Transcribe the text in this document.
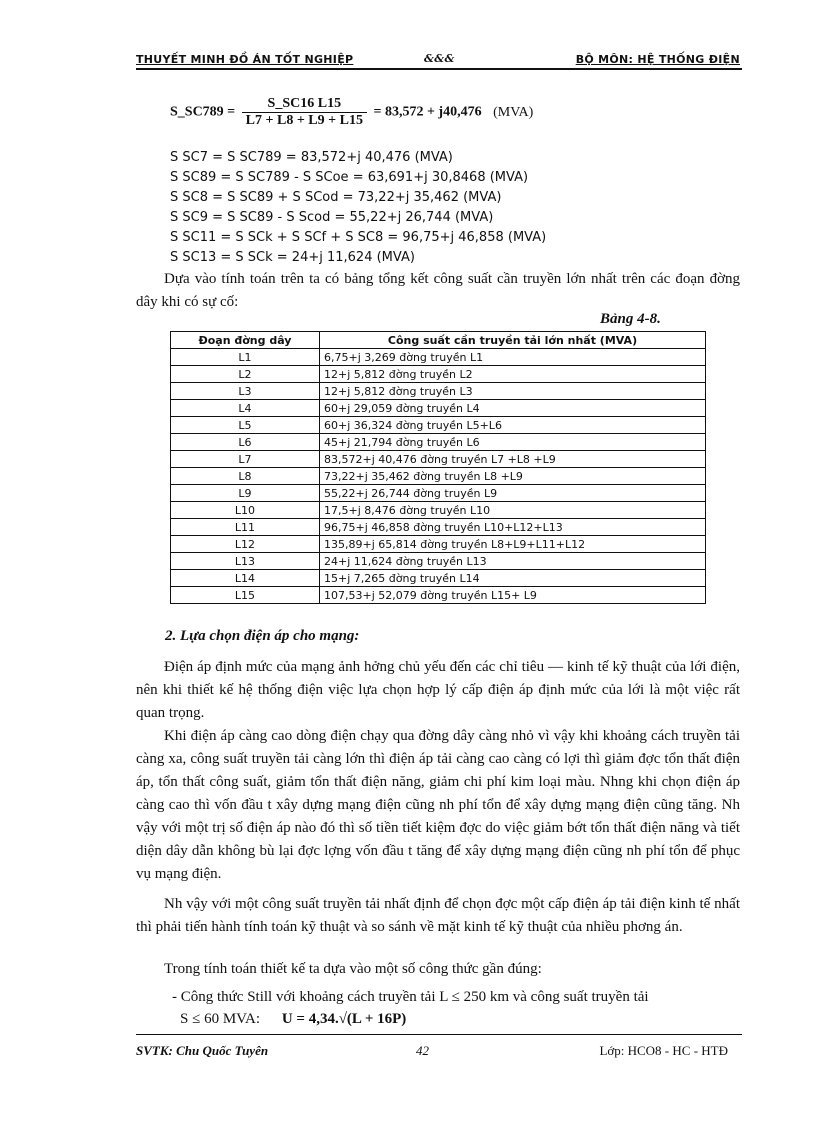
THUYẾT MINH ĐỒ ÁN TỐT NGHIỆP	&&&	BỘ MÔN: HỆ THỐNG ĐIỆN
S_SC789 = $\frac{S\_SC16 L15}{L7 + L8 + L9 + L15} = 83,572 + j40,476$ (MVA)
S SC7 = S SC789 = 83,572+j 40,476 (MVA)
S SC89 = S SC789 - S SCoe = 63,691+j 30,8468 (MVA)
S SC8 = S SC89 + S SCod = 73,22+j 35,462 (MVA)
S SC9 = S SC89 - S Scod = 55,22+j 26,744 (MVA)
S SC11 = S SCk + S SCf + S SC8 = 96,75+j 46,858 (MVA)
S SC13 = S SCk = 24+j 11,624 (MVA)
Dựa vào tính toán trên ta có bảng tổng kết công suất cần truyền lớn nhất trên các đoạn đờng dây khi có sự cố:
Bảng 4-8.
Đoạn đờng dây	Công suất cần truyền tải lớn nhất (MVA)
L1	6,75+j 3,269 đờng truyền L1
L2	12+j 5,812 đờng truyền L2
L3	12+j 5,812 đờng truyền L3
L4	60+j 29,059 đờng truyền L4
L5	60+j 36,324 đờng truyền L5+L6
L6	45+j 21,794 đờng truyền L6
L7	83,572+j 40,476 đờng truyền L7 +L8 +L9
L8	73,22+j 35,462 đờng truyền L8 +L9
L9	55,22+j 26,744 đờng truyền L9
L10	17,5+j 8,476 đờng truyền L10
L11	96,75+j 46,858 đờng truyền L10+L12+L13
L12	135,89+j 65,814 đờng truyền L8+L9+L11+L12
L13	24+j 11,624 đờng truyền L13
L14	15+j 7,265 đờng truyền L14
L15	107,53+j 52,079 đờng truyền L15+ L9
2. Lựa chọn điện áp cho mạng:
Điện áp định mức của mạng ảnh hởng chủ yếu đến các chỉ tiêu — kinh tế kỹ thuật của lới điện, nên khi thiết kế hệ thống điện việc lựa chọn hợp lý cấp điện áp định mức của lới là một việc rất quan trọng.
Khi điện áp càng cao dòng điện chạy qua đờng dây càng nhỏ vì vậy khi khoảng cách truyền tải càng xa, công suất truyền tải càng lớn thì điện áp tải càng cao càng có lợi thì giảm đợc tổn thất điện áp, tổn thất công suất, giảm tổn thất điện năng, giảm chi phí kim loại màu. Nhng khi chọn điện áp càng cao thì vốn đầu t xây dựng mạng điện cũng nh phí tổn để xây dựng mạng điện cũng tăng. Nh vậy với một trị số điện áp nào đó thì số tiền tiết kiệm đợc do việc giảm bớt tổn thất điện năng và tiết diện dây dẫn không bù lại đợc lợng vốn đầu t tăng để xây dựng mạng điện cũng nh phí tổn để phục vụ mạng điện.
Nh vậy với một công suất truyền tải nhất định để chọn đợc một cấp điện áp tải điện kinh tế nhất thì phải tiến hành tính toán kỹ thuật và so sánh về mặt kinh tế kỹ thuật của nhiều phơng án.
Trong tính toán thiết kế ta dựa vào một số công thức gần đúng:
- Công thức Still với khoảng cách truyền tải L ≤ 250 km và công suất truyền tải
S ≤ 60 MVA: U = 4,34.√(L + 16P)
SVTK: Chu Quốc Tuyên	42	Lớp: HCO8 - HC - HTĐ
